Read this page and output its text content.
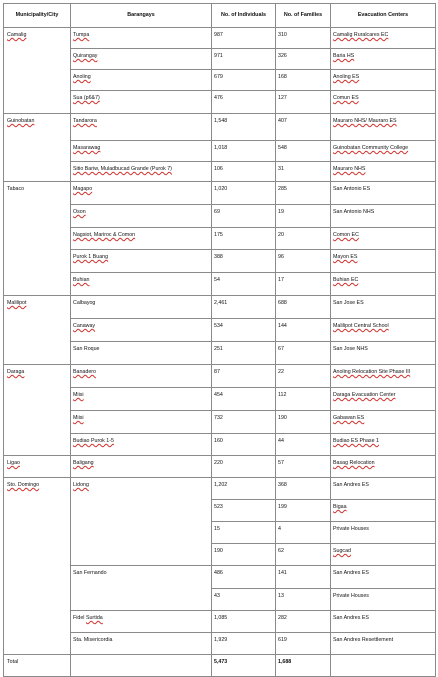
Municipality/City	Barangays	No. of Individuals	No. of Families	Evacuation Centers
Camalig	Tumpa	987	310	Camalig Ruralcares EC
	Quirangay	971	326	Baria HS
	Anoling	679	168	Anoling ES
	Sua (p6&7)	476	127	Comun ES
Guinobatan	Tandarora	1,548	407	Mauraro NHS/ Mauraro ES
	Masarawag	1,018	548	Guinobatan Community College
	Sitio Bariw, Muladbucad Grande (Purok 7)	106	31	Mauraro NHS
Tabaco	Magapo	1,020	285	San Antonio ES
	Oson	69	19	San Antonio NHS
	Nagsiot, Mariroc & Comon	175	20	Comon EC
	Purok 1 Buang	388	96	Mayon ES
	Buhian	54	17	Buhian EC
Malilipot	Calbayog	2,461	688	San Jose ES
	Canaway	534	144	Malilipot Central School
	San Roque	251	67	San Jose NHS
Daraga	Banadero	87	22	Anoling Relocation Site Phase III
	Miisi	454	112	Daraga Evacuation Center
	Miisi	732	190	Gabawan ES
	Budiao Purok 1-5	160	44	Budiao ES Phase 1
Ligao	Baligang	220	57	Basag Relocation
Sto. Domingo	Lidong	1,202	368	San Andres ES
		523	199	Bigaa
		15	4	Private Houses
		190	62	Sugcad
	San Fernando	486	141	San Andres ES
		43	13	Private Houses
	Fidel Surtida	1,085	282	San Andres ES
	Sta. Misericordia	1,929	619	San Andres Resettlement
Total		5,473	1,688	
